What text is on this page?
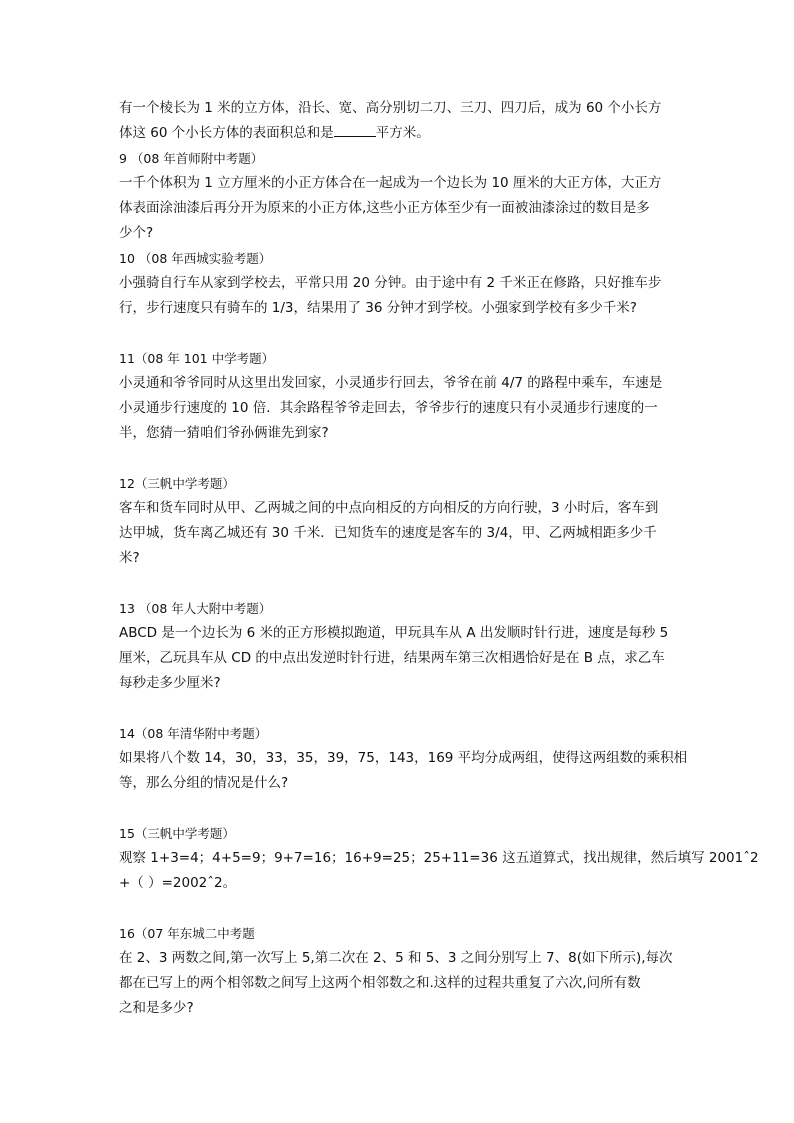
有一个棱长为 1 米的立方体，沿长、宽、高分别切二刀、三刀、四刀后，成为 60 个小长方
体这 60 个小长方体的表面积总和是	平方米。
9 （08 年首师附中考题）
一千个体积为 1 立方厘米的小正方体合在一起成为一个边长为 10 厘米的大正方体，大正方
体表面涂油漆后再分开为原来的小正方体,这些小正方体至少有一面被油漆涂过的数目是多
少个?
10 （08 年西城实验考题）
小强骑自行车从家到学校去，平常只用 20 分钟。由于途中有 2 千米正在修路，只好推车步
行，步行速度只有骑车的 1/3，结果用了 36 分钟才到学校。小强家到学校有多少千米?
11（08 年 101 中学考题）
小灵通和爷爷同时从这里出发回家，小灵通步行回去，爷爷在前 4/7 的路程中乘车，车速是
小灵通步行速度的 10 倍．其余路程爷爷走回去，爷爷步行的速度只有小灵通步行速度的一
半，您猜一猜咱们爷孙俩谁先到家?
12（三帆中学考题）
客车和货车同时从甲、乙两城之间的中点向相反的方向相反的方向行驶，3 小时后，客车到
达甲城，货车离乙城还有 30 千米．已知货车的速度是客车的 3/4，甲、乙两城相距多少千
米?
13 （08 年人大附中考题）
ABCD 是一个边长为 6 米的正方形模拟跑道，甲玩具车从 A 出发顺时针行进，速度是每秒 5
厘米，乙玩具车从 CD 的中点出发逆时针行进，结果两车第三次相遇恰好是在 B 点，求乙车
每秒走多少厘米?
14（08 年清华附中考题）
如果将八个数 14，30，33，35，39，75，143，169 平均分成两组，使得这两组数的乘积相
等，那么分组的情况是什么?
15（三帆中学考题）
观察 1+3=4；4+5=9；9+7=16；16+9=25；25+11=36 这五道算式，找出规律，然后填写 2001ˆ2
+（ ）=2002ˆ2。
16（07 年东城二中考题
在 2、3 两数之间,第一次写上 5,第二次在 2、5 和 5、3 之间分别写上 7、8(如下所示),每次
都在已写上的两个相邻数之间写上这两个相邻数之和.这样的过程共重复了六次,问所有数
之和是多少?
